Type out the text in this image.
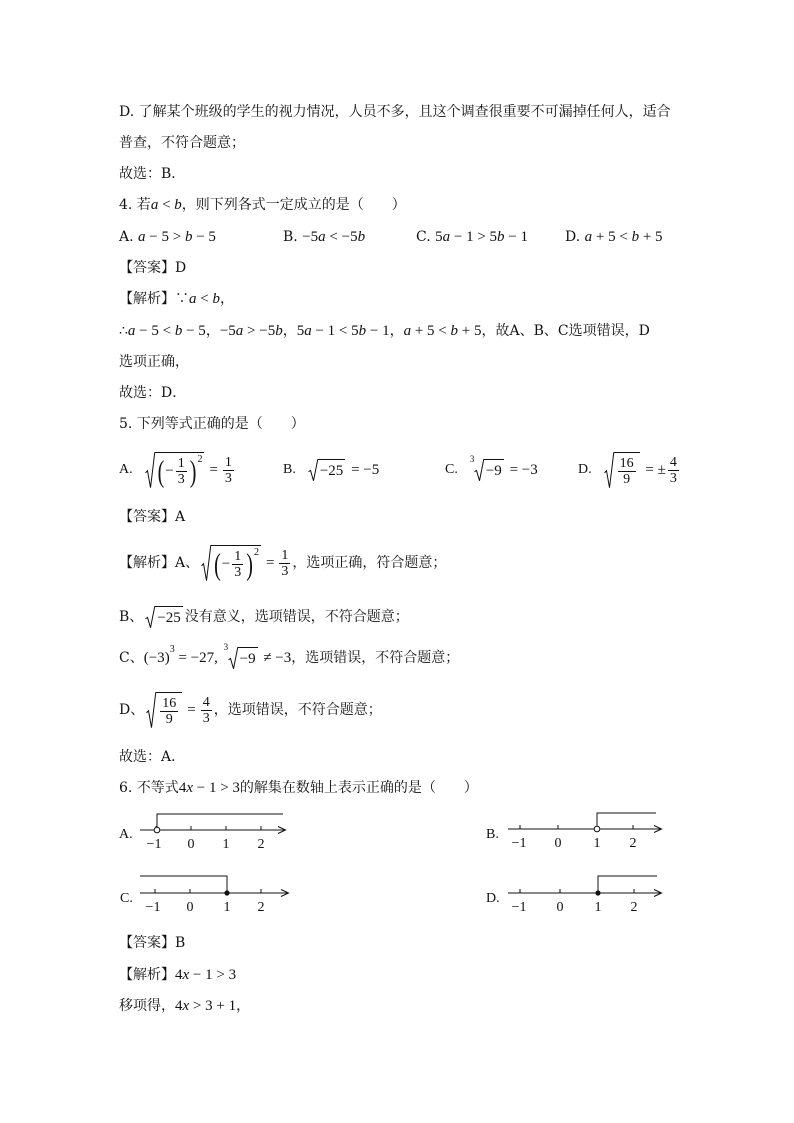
D. 了解某个班级的学生的视力情况，人员不多，且这个调查很重要不可漏掉任何人，适合
普查，不符合题意；
故选：B．
4. 若 a < b ，则下列各式一定成立的是（　　）
A. a − 5 > b − 5	B. −5 a < −5 b	C. 5 a − 1 > 5 b − 1	D. a + 5 < b + 5
【答案】D
【解析】∵ a < b ，
∴ a − 5 < b − 5 ， −5 a > −5 b ， 5 a − 1 < 5 b − 1 ， a + 5 < b + 5 ，故A、B、C选项错误，D
选项正确，
故选：D．
5. 下列等式正确的是（　　）
A. ( − $\frac{1}{3}$ ) 2
= $\frac{1}{3}$	B. −25 = −5	C.
3
−9 = −3	D. $\frac{16}{9}$ = ± $\frac{4}{3}$
【答案】A
【解析】A、 ( − $\frac{1}{3}$ ) 2
= $\frac{1}{3}$ ，选项正确，符合题意；
B、 −25 没有意义，选项错误，不符合题意；
C、 ( −3 )
3
= −27,
3
−9 ≠ −3 ，选项错误，不符合题意；
D、 $\frac{16}{9} = \frac{4}{3}$ ，选项错误，不符合题意；
故选：A．
6. 不等式 4 x − 1 > 3 的解集在数轴上表示正确的是（　　）
A.
−1 0 1 2
B.
−1 0 1 2
C.
−1 0 1 2
D.
−1 0 1 2
【答案】B
【解析】 4 x − 1 > 3
移项得， 4 x > 3 + 1 ，
